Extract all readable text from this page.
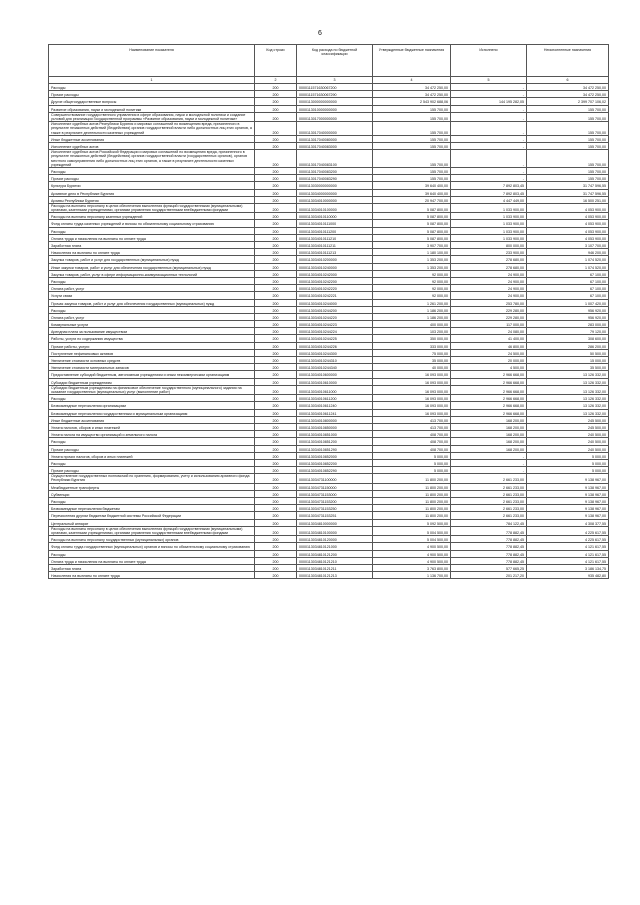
6
Наименование показателя	Код строки	Код расхода по бюджетной классификации	Утвержденные бюджетные назначения	Исполнено	Неисполненные назначения
1	2	3	4	5	6
Расходы	200	0000111571630067200	34 472 250,00	-	34 472 250,00
Прочие расходы	200	0000111571630067290	34 472 250,00	-	34 472 250,00
Другие общегосударственные вопросы	200	0000113000000000000	2 543 902 688,06	144 195 282,05	2 399 707 106,02
Развитие образования, науки и молодежной политики	200	0000113010000000000	155 700,00	-	155 700,00
Совершенствование государственного управления в сфере образования, науки и молодежной политики и создание условий для реализации Государственной программы «Развитие образования, науки и молодежной политики»	200	0000113017000000000	155 700,00	-	155 700,00
Исполнение судебных актов Республики Бурятия и мировых соглашений по возмещению вреда, причиненного в результате незаконных действий (бездействия) органов государственной власти либо должностных лиц этих органов, а также в результате деятельности казенных учреждений	200	0000113017040000000	155 700,00	-	155 700,00
Иные бюджетные ассигнования	200	0000113017040080000	155 700,00	-	155 700,00
Исполнение судебных актов	200	0000113017040083000	155 700,00	-	155 700,00
Исполнение судебных актов Российской Федерации и мировых соглашений по возмещению вреда, причиненного в результате незаконных действий (бездействия) органов государственной власти (государственных органов), органов местного самоуправления либо должностных лиц этих органов, а также в результате деятельности казенных учреждений	200	0000113017040083100	155 700,00	-	155 700,00
Расходы	200	0000113017040083200	155 700,00	-	155 700,00
Прочие расходы	200	0000113017040083290	155 700,00	-	155 700,00
Культура Бурятии	200	0000113030000000000	39 640 400,00	7 892 803,45	31 747 596,55
Архивное дело в Республике Бурятия	200	0000113034000000000	39 640 400,00	7 892 803,45	31 747 596,55
Архивы Республики Бурятия	200	0000113034010000000	20 947 700,00	4 447 449,00	16 500 251,00
Расходы на выплаты персоналу в целях обеспечения выполнения функций государственными (муниципальными) органами, казенными учреждениями, органами управления государственными внебюджетными фондами	200	0000113034010100000	5 087 800,00	1 033 900,00	4 053 900,00
Расходы на выплаты персоналу казенных учреждений	200	0000113034010110000	5 087 800,00	1 033 900,00	4 053 900,00
Фонд оплаты труда казенных учреждений и взносы по обязательному социальному страхованию	200	0000113034010111000	5 087 800,00	1 033 900,00	4 053 900,00
Расходы	200	0000113034010111200	5 087 800,00	1 033 900,00	4 053 900,00
Оплата труда и начисления на выплаты по оплате труда	200	0000113034010111210	5 087 800,00	1 033 900,00	4 053 900,00
Заработная плата	200	0000113034010111211	3 907 700,00	800 000,00	3 107 700,00
Начисления на выплаты по оплате труда	200	0000113034010111213	1 180 100,00	233 900,00	946 200,00
Закупка товаров, работ и услуг для государственных (муниципальных) нужд	200	0000113034010200000	1 353 200,00	278 680,00	1 074 520,00
Иные закупки товаров, работ и услуг для обеспечения государственных (муниципальных) нужд	200	0000113034010240000	1 353 200,00	278 680,00	1 074 520,00
Закупка товаров, работ, услуг в сфере информационно-коммуникационных технологий	200	0000113034010242000	92 000,00	24 900,00	67 100,00
Расходы	200	0000113034010242200	92 000,00	24 900,00	67 100,00
Оплата работ, услуг	200	0000113034010242220	92 000,00	24 900,00	67 100,00
Услуги связи	200	0000113034010242221	92 000,00	24 900,00	67 100,00
Прочая закупка товаров, работ и услуг для обеспечения государственных (муниципальных) нужд	200	0000113034010244000	1 261 200,00	253 780,00	1 007 420,00
Расходы	200	0000113034010244200	1 186 200,00	229 280,00	956 920,00
Оплата работ, услуг	200	0000113034010244220	1 186 200,00	229 280,00	956 920,00
Коммунальные услуги	200	0000113034010244223	400 000,00	117 000,00	283 000,00
Арендная плата за пользование имуществом	200	0000113034010244224	103 200,00	24 080,00	79 120,00
Работы, услуги по содержанию имущества	200	0000113034010244225	350 000,00	41 400,00	308 600,00
Прочие работы, услуги	200	0000113034010244226	333 000,00	46 800,00	286 200,00
Поступление нефинансовых активов	200	0000113034010244300	75 000,00	24 500,00	50 500,00
Увеличение стоимости основных средств	200	0000113034010244310	35 000,00	20 000,00	15 000,00
Увеличение стоимости материальных запасов	200	0000113034010244340	40 000,00	4 500,00	35 500,00
Предоставление субсидий бюджетным, автономным учреждениям и иным некоммерческим организациям	200	0000113034010600000	16 093 000,00	2 966 668,00	13 126 332,00
Субсидии бюджетным учреждениям	200	0000113034010610000	16 093 000,00	2 966 668,00	13 126 332,00
Субсидии бюджетным учреждениям на финансовое обеспечение государственного (муниципального) задания на оказание государственных (муниципальных) услуг (выполнение работ)	200	0000113034010611000	16 093 000,00	2 966 668,00	13 126 332,00
Расходы	200	0000113034010611200	16 093 000,00	2 966 668,00	13 126 332,00
Безвозмездные перечисления организациям	200	0000113034010611240	16 093 000,00	2 966 668,00	13 126 332,00
Безвозмездные перечисления государственным и муниципальным организациям	200	0000113034010611241	16 093 000,00	2 966 668,00	13 126 332,00
Иные бюджетные ассигнования	200	0000113034010800000	413 700,00	168 200,00	245 500,00
Уплата налогов, сборов и иных платежей	200	0000113034010850000	413 700,00	168 200,00	245 500,00
Уплата налога на имущество организаций и земельного налога	200	0000113034010851000	408 700,00	168 200,00	240 500,00
Расходы	200	0000113034010851200	408 700,00	168 200,00	240 500,00
Прочие расходы	200	0000113034010851290	408 700,00	168 200,00	240 500,00
Уплата прочих налогов, сборов и иных платежей	200	0000113034010852000	5 000,00	-	5 000,00
Расходы	200	0000113034010852200	5 000,00	-	5 000,00
Прочие расходы	200	0000113034010852290	5 000,00	-	5 000,00
Осуществление государственных полномочий по хранению, формированию, учету и использованию архивного фонда Республики Бурятия	200	0000113034731100000	11 800 200,00	2 661 233,00	9 138 967,00
Межбюджетные трансферты	200	0000113034731150000	11 800 200,00	2 661 233,00	9 138 967,00
Субвенции	200	0000113034731153000	11 800 200,00	2 661 233,00	9 138 967,00
Расходы	200	0000113034731153200	11 800 200,00	2 661 233,00	9 138 967,00
Безвозмездные перечисления бюджетам	200	0000113034731153250	11 800 200,00	2 661 233,00	9 138 967,00
Перечисления другим бюджетам бюджетной системы Российской Федерации	200	0000113034731153251	11 800 200,00	2 661 233,00	9 138 967,00
Центральный аппарат	200	0000113034810000000	5 092 500,00	784 122,45	4 308 377,55
Расходы на выплаты персоналу в целях обеспечения выполнения функций государственными (муниципальными) органами, казенными учреждениями, органами управления государственными внебюджетными фондами	200	0000113034810100000	5 004 500,00	778 882,45	4 225 617,55
Расходы на выплаты персоналу государственных (муниципальных) органов	200	0000113034810120000	5 004 500,00	778 882,45	4 225 617,55
Фонд оплаты труда государственных (муниципальных) органов и взносы по обязательному социальному страхованию	200	0000113034810121000	4 900 500,00	778 882,45	4 121 617,55
Расходы	200	0000113034810121200	4 900 500,00	778 882,45	4 121 617,55
Оплата труда и начисления на выплаты по оплате труда	200	0000113034810121210	4 900 500,00	778 882,45	4 121 617,55
Заработная плата	200	0000113034810121211	3 763 800,00	577 665,25	3 186 134,75
Начисления на выплаты по оплате труда	200	0000113034810121213	1 136 700,00	201 217,20	935 482,80
